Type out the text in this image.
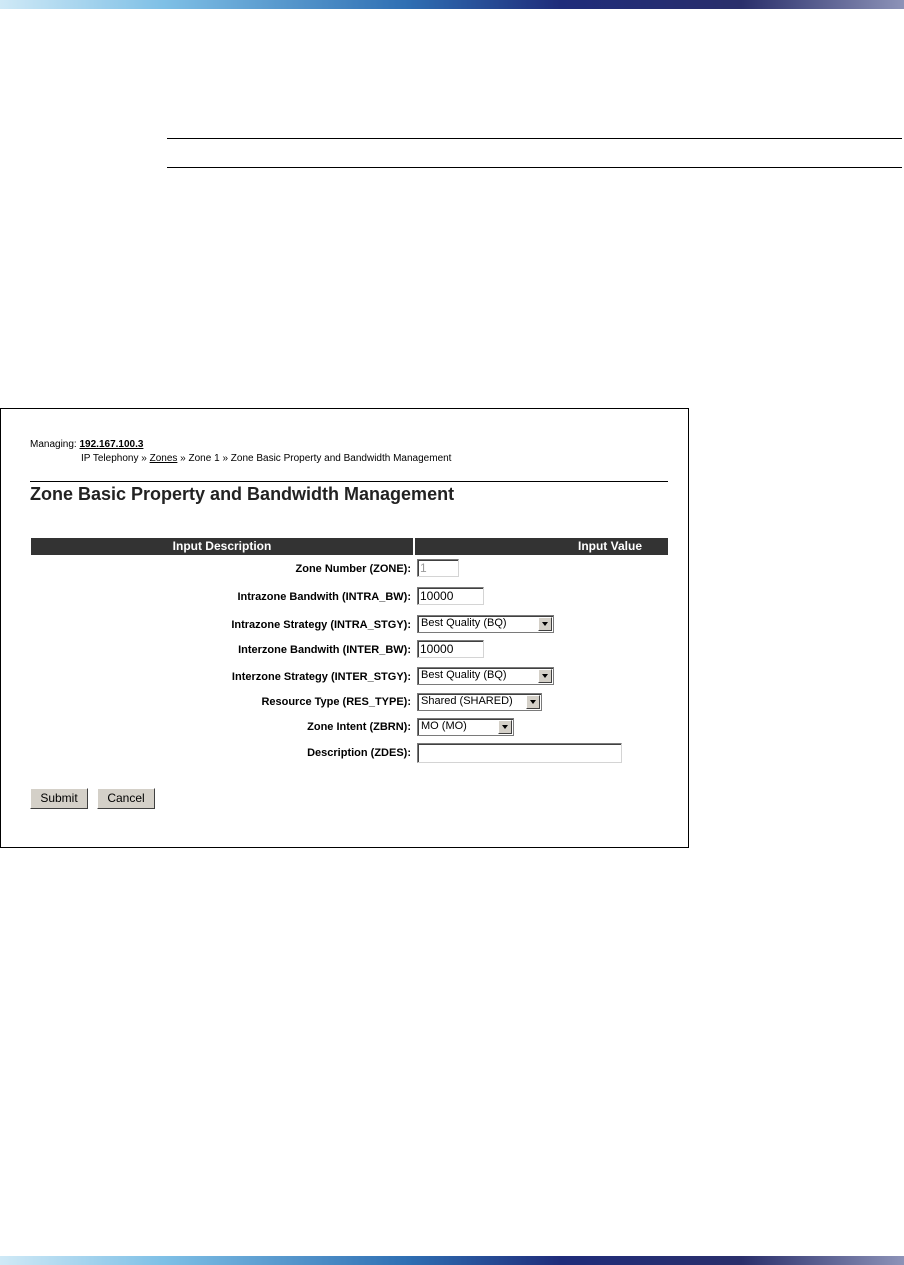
Managing: 192.167.100.3
IP Telephony » Zones » Zone 1 » Zone Basic Property and Bandwidth Management
Zone Basic Property and Bandwidth Management
Input Description	Input Value
Zone Number (ZONE): 1
Intrazone Bandwith (INTRA_BW): 10000
Intrazone Strategy (INTRA_STGY): Best Quality (BQ)
Interzone Bandwith (INTER_BW): 10000
Interzone Strategy (INTER_STGY): Best Quality (BQ)
Resource Type (RES_TYPE): Shared (SHARED)
Zone Intent (ZBRN): MO (MO)
Description (ZDES):
Submit	Cancel
